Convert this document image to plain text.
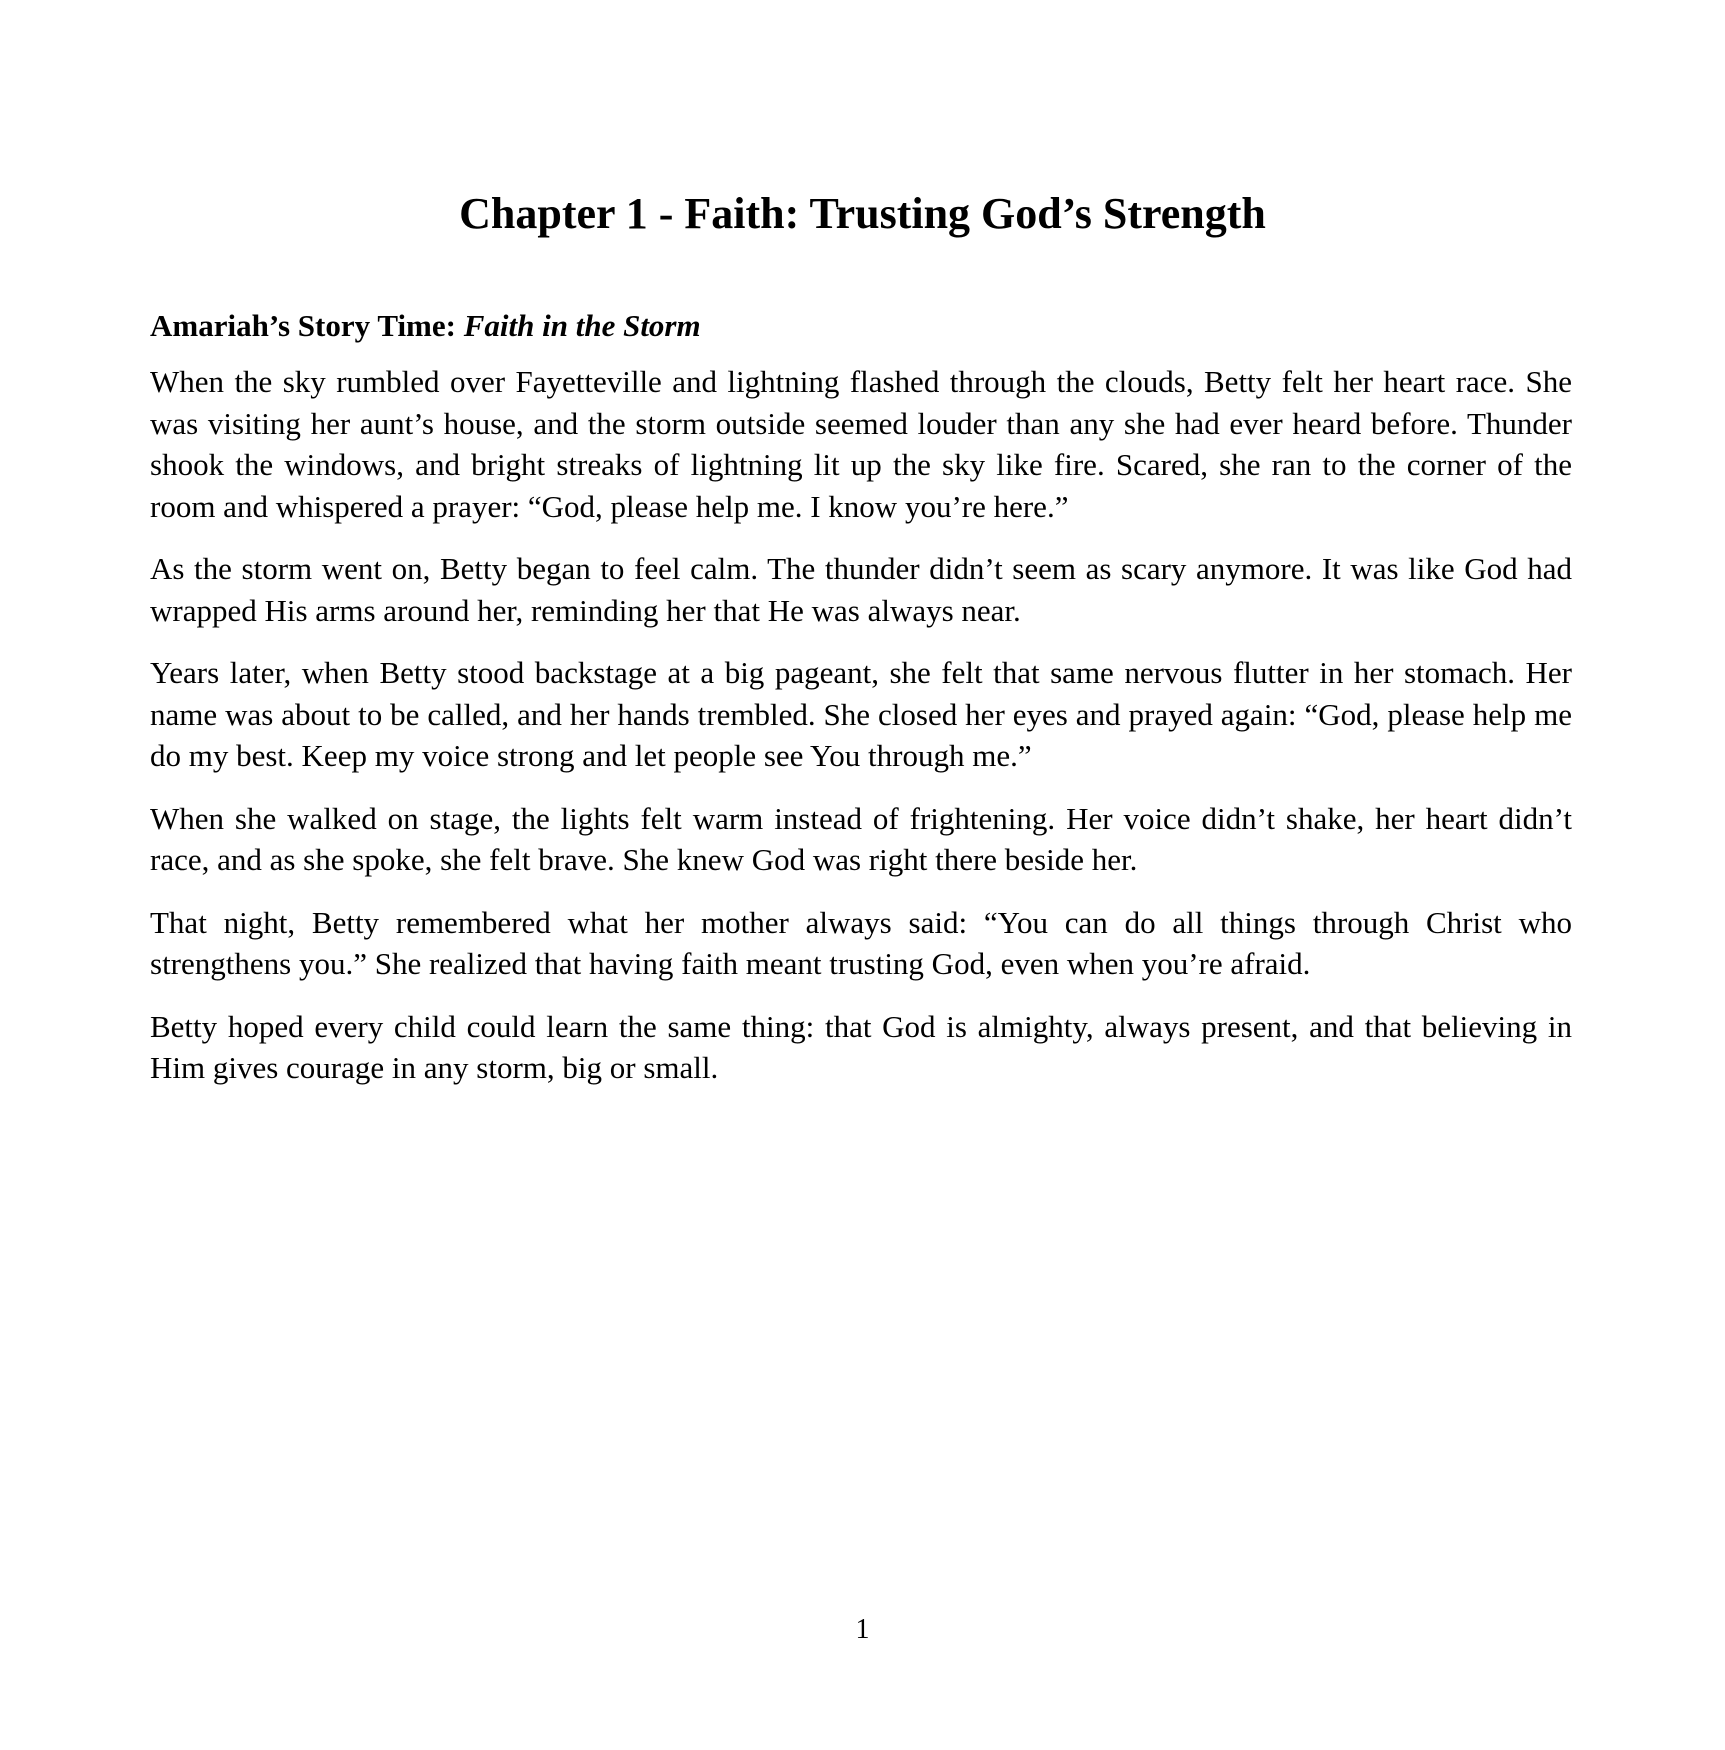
Chapter 1 - Faith: Trusting God’s Strength

Amariah’s Story Time: Faith in the Storm

When the sky rumbled over Fayetteville and lightning flashed through the clouds, Betty felt her heart race. She was visiting her aunt’s house, and the storm outside seemed louder than any she had ever heard before. Thunder shook the windows, and bright streaks of lightning lit up the sky like fire. Scared, she ran to the corner of the room and whispered a prayer: “God, please help me. I know you’re here.”

As the storm went on, Betty began to feel calm. The thunder didn’t seem as scary anymore. It was like God had wrapped His arms around her, reminding her that He was always near.

Years later, when Betty stood backstage at a big pageant, she felt that same nervous flutter in her stomach. Her name was about to be called, and her hands trembled. She closed her eyes and prayed again: “God, please help me do my best. Keep my voice strong and let people see You through me.”

When she walked on stage, the lights felt warm instead of frightening. Her voice didn’t shake, her heart didn’t race, and as she spoke, she felt brave. She knew God was right there beside her.

That night, Betty remembered what her mother always said: “You can do all things through Christ who strengthens you.” She realized that having faith meant trusting God, even when you’re afraid.

Betty hoped every child could learn the same thing: that God is almighty, always present, and that believing in Him gives courage in any storm, big or small.

1
